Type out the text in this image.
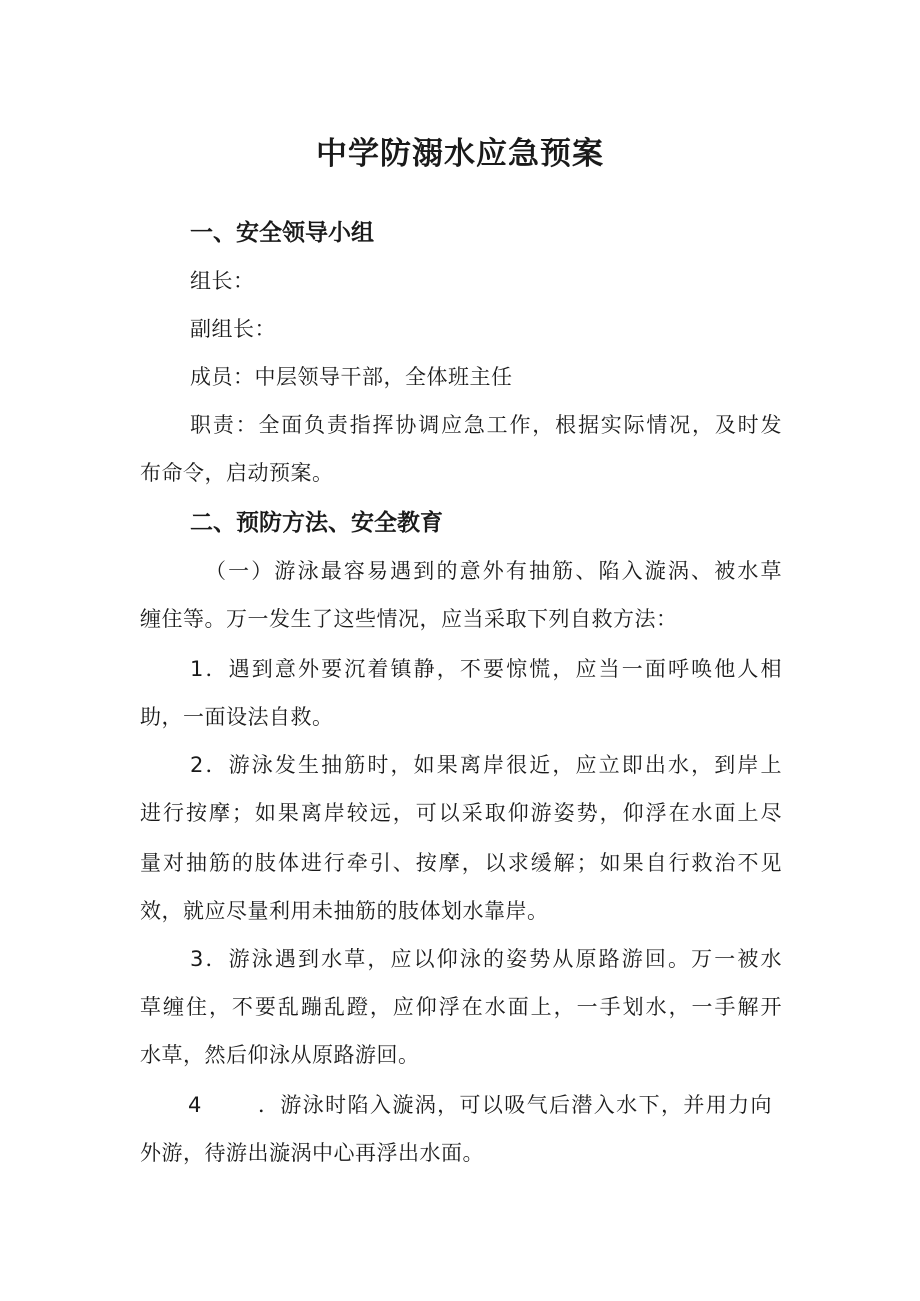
中学防溺水应急预案
一、安全领导小组

组长：

副组长：

成员：中层领导干部，全体班主任

职责：全面负责指挥协调应急工作，根据实际情况，及时发

布命令，启动预案。

二、预防方法、安全教育

（一）游泳最容易遇到的意外有抽筋、陷入漩涡、被水草

缠住等。万一发生了这些情况，应当采取下列自救方法：

1．遇到意外要沉着镇静，不要惊慌，应当一面呼唤他人相

助，一面设法自救。

2．游泳发生抽筋时，如果离岸很近，应立即出水，到岸上

进行按摩；如果离岸较远，可以采取仰游姿势，仰浮在水面上尽

量对抽筋的肢体进行牵引、按摩，以求缓解；如果自行救治不见

效，就应尽量利用未抽筋的肢体划水靠岸。

3．游泳遇到水草，应以仰泳的姿势从原路游回。万一被水

草缠住，不要乱蹦乱蹬，应仰浮在水面上，一手划水，一手解开

水草，然后仰泳从原路游回。

4	．游泳时陷入漩涡，可以吸气后潜入水下，并用力向

外游，待游出漩涡中心再浮出水面。
